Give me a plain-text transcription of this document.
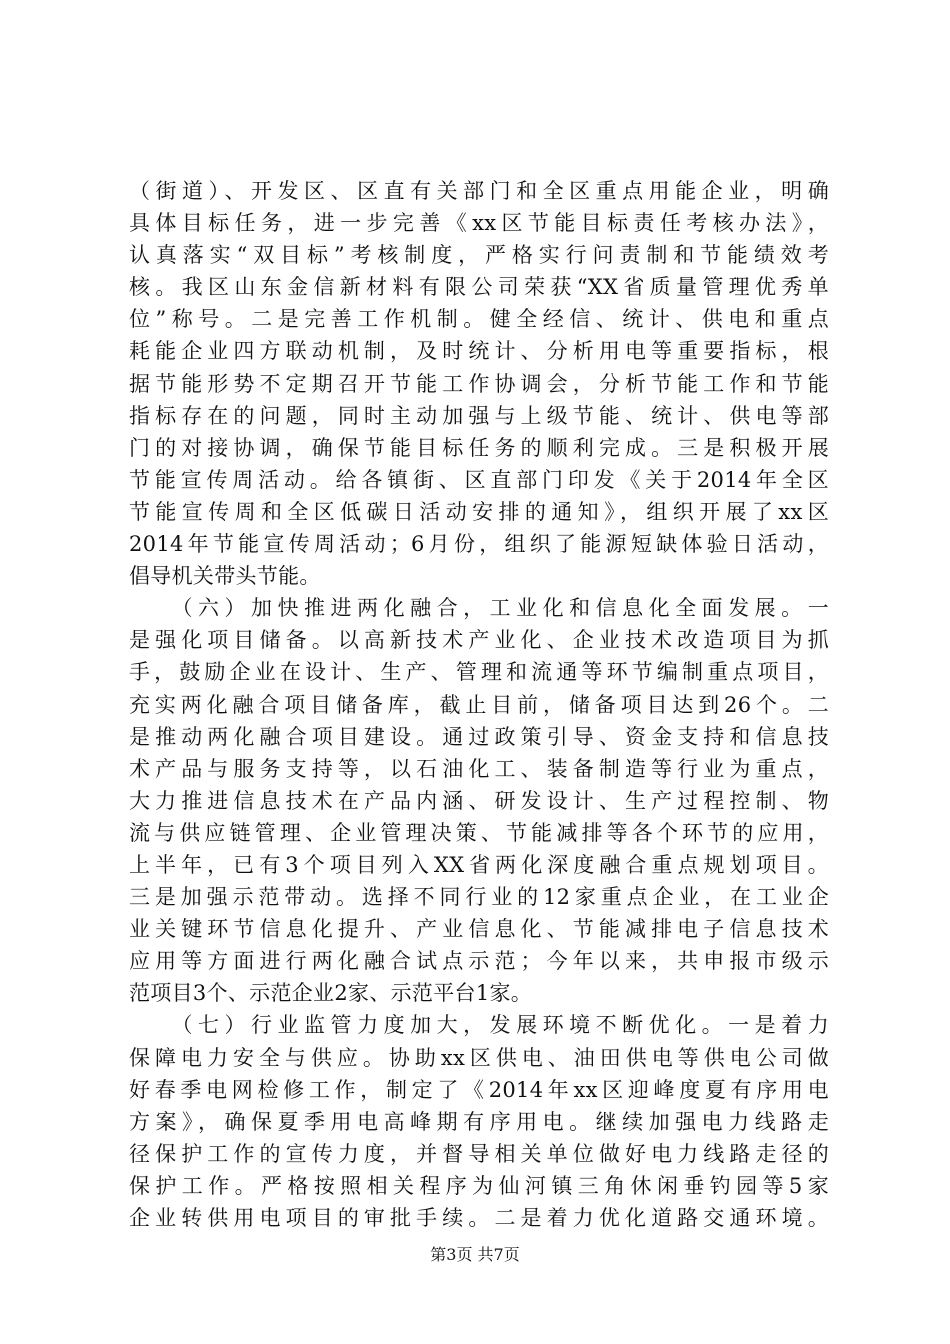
（街道）、开发区、区直有关部门和全区重点用能企业，明确
具体目标任务，进一步完善《xx区节能目标责任考核办法》，
认真落实“双目标”考核制度，严格实行问责制和节能绩效考
核。我区山东金信新材料有限公司荣获“XX省质量管理优秀单
位”称号。二是完善工作机制。健全经信、统计、供电和重点
耗能企业四方联动机制，及时统计、分析用电等重要指标，根
据节能形势不定期召开节能工作协调会，分析节能工作和节能
指标存在的问题，同时主动加强与上级节能、统计、供电等部
门的对接协调，确保节能目标任务的顺利完成。三是积极开展
节能宣传周活动。给各镇街、区直部门印发《关于2014年全区
节能宣传周和全区低碳日活动安排的通知》，组织开展了xx区
2014年节能宣传周活动；6月份，组织了能源短缺体验日活动，
倡导机关带头节能。
　　（六）加快推进两化融合，工业化和信息化全面发展。一
是强化项目储备。以高新技术产业化、企业技术改造项目为抓
手，鼓励企业在设计、生产、管理和流通等环节编制重点项目，
充实两化融合项目储备库，截止目前，储备项目达到26个。二
是推动两化融合项目建设。通过政策引导、资金支持和信息技
术产品与服务支持等，以石油化工、装备制造等行业为重点，
大力推进信息技术在产品内涵、研发设计、生产过程控制、物
流与供应链管理、企业管理决策、节能减排等各个环节的应用，
上半年，已有3个项目列入XX省两化深度融合重点规划项目。
三是加强示范带动。选择不同行业的12家重点企业，在工业企
业关键环节信息化提升、产业信息化、节能减排电子信息技术
应用等方面进行两化融合试点示范；今年以来，共申报市级示
范项目3个、示范企业2家、示范平台1家。
　　（七）行业监管力度加大，发展环境不断优化。一是着力
保障电力安全与供应。协助xx区供电、油田供电等供电公司做
好春季电网检修工作，制定了《2014年xx区迎峰度夏有序用电
方案》，确保夏季用电高峰期有序用电。继续加强电力线路走
径保护工作的宣传力度，并督导相关单位做好电力线路走径的
保护工作。严格按照相关程序为仙河镇三角休闲垂钓园等5家
企业转供用电项目的审批手续。二是着力优化道路交通环境。
第3页 共7页
